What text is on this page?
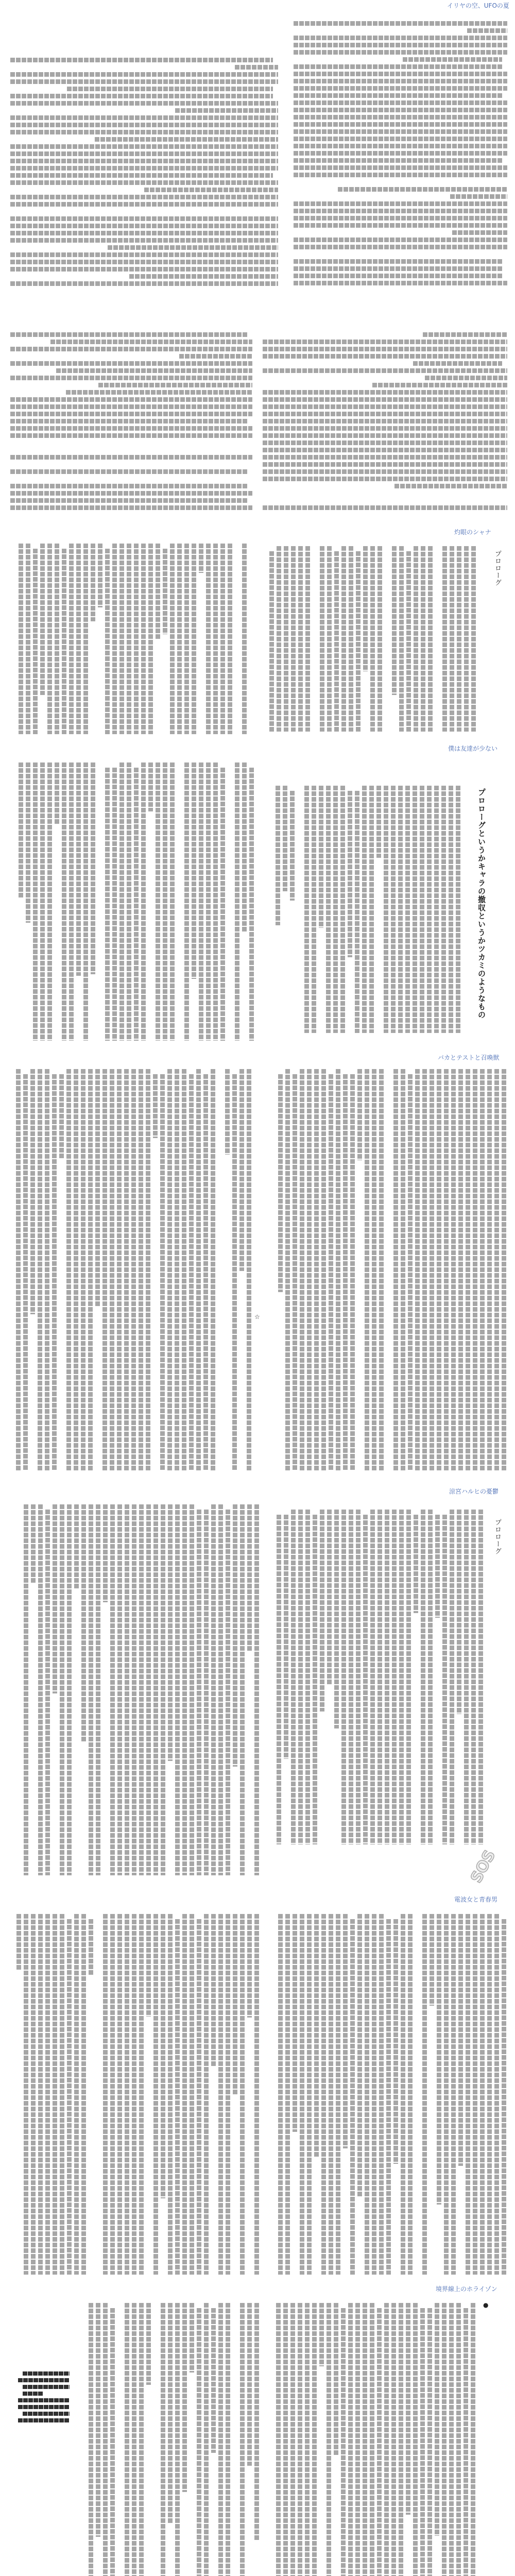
イリヤの空、UFOの夏
灼眼のシャナ
プロローグ
僕は友達が少ない
プロローグというかキャラの撤収というかツカミのようなもの
バカとテストと召喚獣
☆
涼宮ハルヒの憂鬱
プロローグ
SOS
電波女と青春男
境界線上のホライゾン
●
